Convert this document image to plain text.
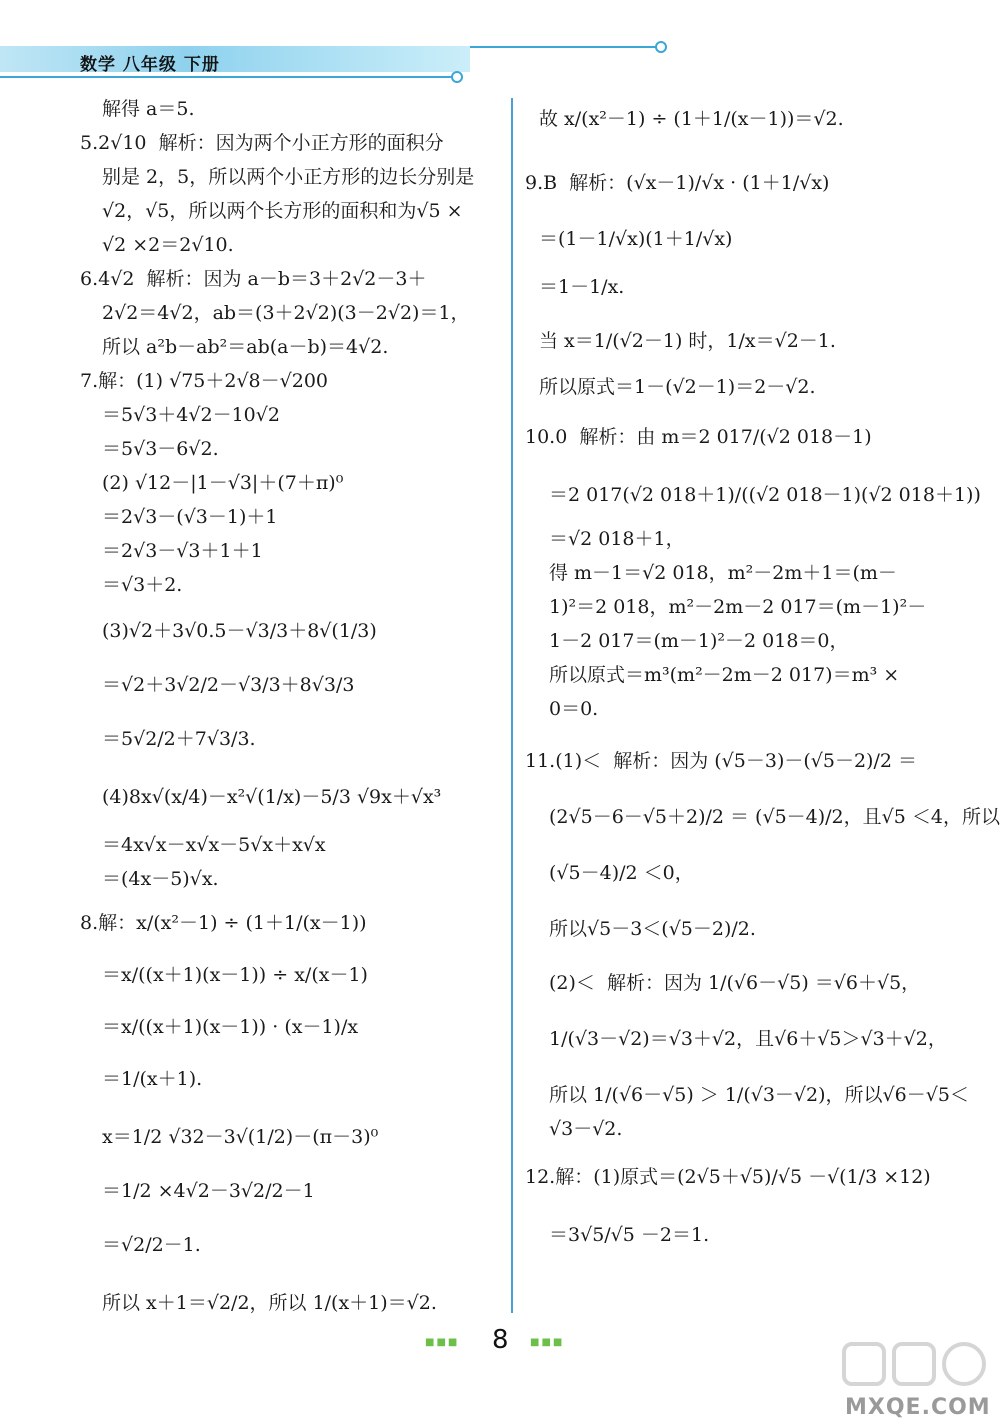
数学 八年级 下册
解得 a＝5.
5.2√10  解析：因为两个小正方形的面积分
别是 2，5，所以两个小正方形的边长分别是
√2，√5，所以两个长方形的面积和为√5 ×
√2 ×2＝2√10.
6.4√2  解析：因为 a－b＝3＋2√2－3＋
2√2＝4√2，ab＝(3＋2√2)(3－2√2)＝1，
所以 a²b－ab²＝ab(a－b)＝4√2.
7.解：(1) √75＋2√8－√200
＝5√3＋4√2－10√2
＝5√3－6√2.
(2) √12－|1－√3|＋(7＋π)⁰
＝2√3－(√3－1)＋1
＝2√3－√3＋1＋1
＝√3＋2.
(3)√2＋3√0.5－√3/3＋8√(1/3)
＝√2＋3√2/2－√3/3＋8√3/3
＝5√2/2＋7√3/3.
(4)8x√(x/4)－x²√(1/x)－5/3 √9x＋√x³
＝4x√x－x√x－5√x＋x√x
＝(4x－5)√x.
8.解：x/(x²－1) ÷ (1＋1/(x－1))
＝x/((x＋1)(x－1)) ÷ x/(x－1)
＝x/((x＋1)(x－1)) · (x－1)/x
＝1/(x＋1).
x＝1/2 √32－3√(1/2)－(π－3)⁰
＝1/2 ×4√2－3√2/2－1
＝√2/2－1.
所以 x＋1＝√2/2，所以 1/(x＋1)＝√2.
故 x/(x²－1) ÷ (1＋1/(x－1))＝√2.
9.B  解析：(√x－1)/√x · (1＋1/√x)
＝(1－1/√x)(1＋1/√x)
＝1－1/x.
当 x＝1/(√2－1) 时，1/x＝√2－1.
所以原式＝1－(√2－1)＝2－√2.
10.0  解析：由 m＝2 017/(√2 018－1)
＝2 017(√2 018＋1)/((√2 018－1)(√2 018＋1))
＝√2 018＋1，
得 m－1＝√2 018，m²－2m＋1＝(m－
1)²＝2 018，m²－2m－2 017＝(m－1)²－
1－2 017＝(m－1)²－2 018＝0，
所以原式＝m³(m²－2m－2 017)＝m³ ×
0＝0.
11.(1)＜  解析：因为 (√5－3)－(√5－2)/2 ＝
(2√5－6－√5＋2)/2 ＝ (√5－4)/2，且√5 ＜4，所以
(√5－4)/2 ＜0，
所以√5－3＜(√5－2)/2.
(2)＜  解析：因为 1/(√6－√5) ＝√6＋√5，
1/(√3－√2)＝√3＋√2，且√6＋√5＞√3＋√2，
所以 1/(√6－√5) ＞ 1/(√3－√2)，所以√6－√5＜
√3－√2.
12.解：(1)原式＝(2√5＋√5)/√5 －√(1/3 ×12)
＝3√5/√5 －2＝1.
■■■ 8 ■■■
MXQE.COM
